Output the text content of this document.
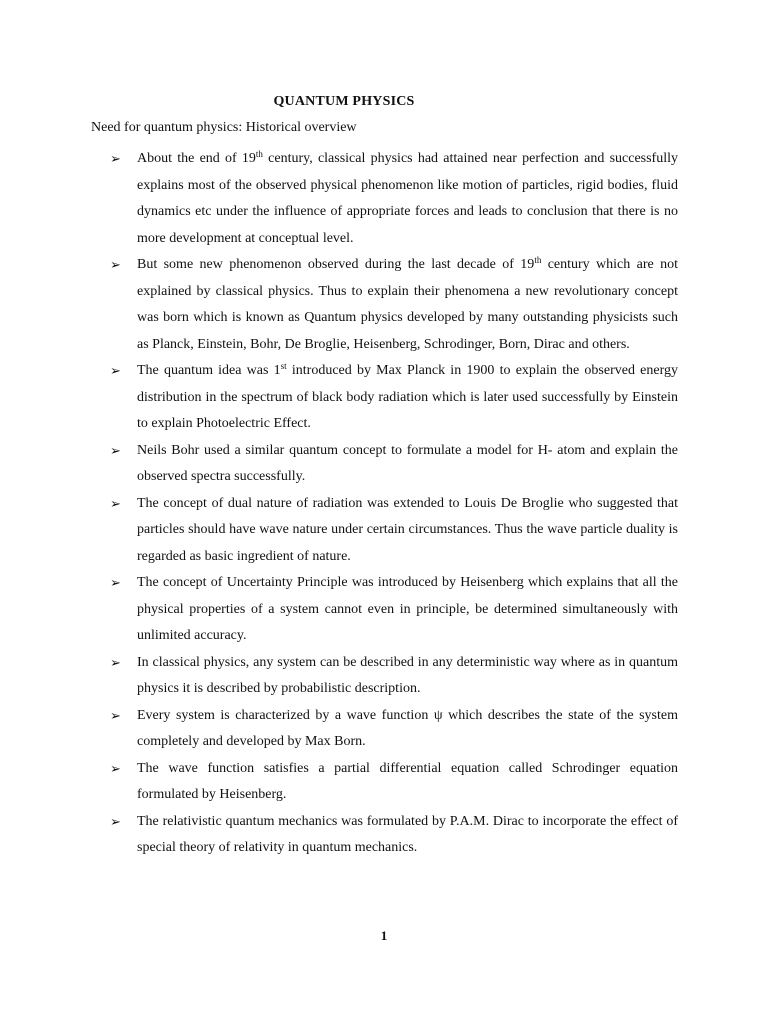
QUANTUM PHYSICS

Need for quantum physics: Historical overview

➢ About the end of 19th century, classical physics had attained near perfection and successfully explains most of the observed physical phenomenon like motion of particles, rigid bodies, fluid dynamics etc under the influence of appropriate forces and leads to conclusion that there is no more development at conceptual level.
➢ But some new phenomenon observed during the last decade of 19th century which are not explained by classical physics. Thus to explain their phenomena a new revolutionary concept was born which is known as Quantum physics developed by many outstanding physicists such as Planck, Einstein, Bohr, De Broglie, Heisenberg, Schrodinger, Born, Dirac and others.
➢ The quantum idea was 1st introduced by Max Planck in 1900 to explain the observed energy distribution in the spectrum of black body radiation which is later used successfully by Einstein to explain Photoelectric Effect.
➢ Neils Bohr used a similar quantum concept to formulate a model for H- atom and explain the observed spectra successfully.
➢ The concept of dual nature of radiation was extended to Louis De Broglie who suggested that particles should have wave nature under certain circumstances. Thus the wave particle duality is regarded as basic ingredient of nature.
➢ The concept of Uncertainty Principle was introduced by Heisenberg which explains that all the physical properties of a system cannot even in principle, be determined simultaneously with unlimited accuracy.
➢ In classical physics, any system can be described in any deterministic way where as in quantum physics it is described by probabilistic description.
➢ Every system is characterized by a wave function ψ which describes the state of the system completely and developed by Max Born.
➢ The wave function satisfies a partial differential equation called Schrodinger equation formulated by Heisenberg.
➢ The relativistic quantum mechanics was formulated by P.A.M. Dirac to incorporate the effect of special theory of relativity in quantum mechanics.
1
